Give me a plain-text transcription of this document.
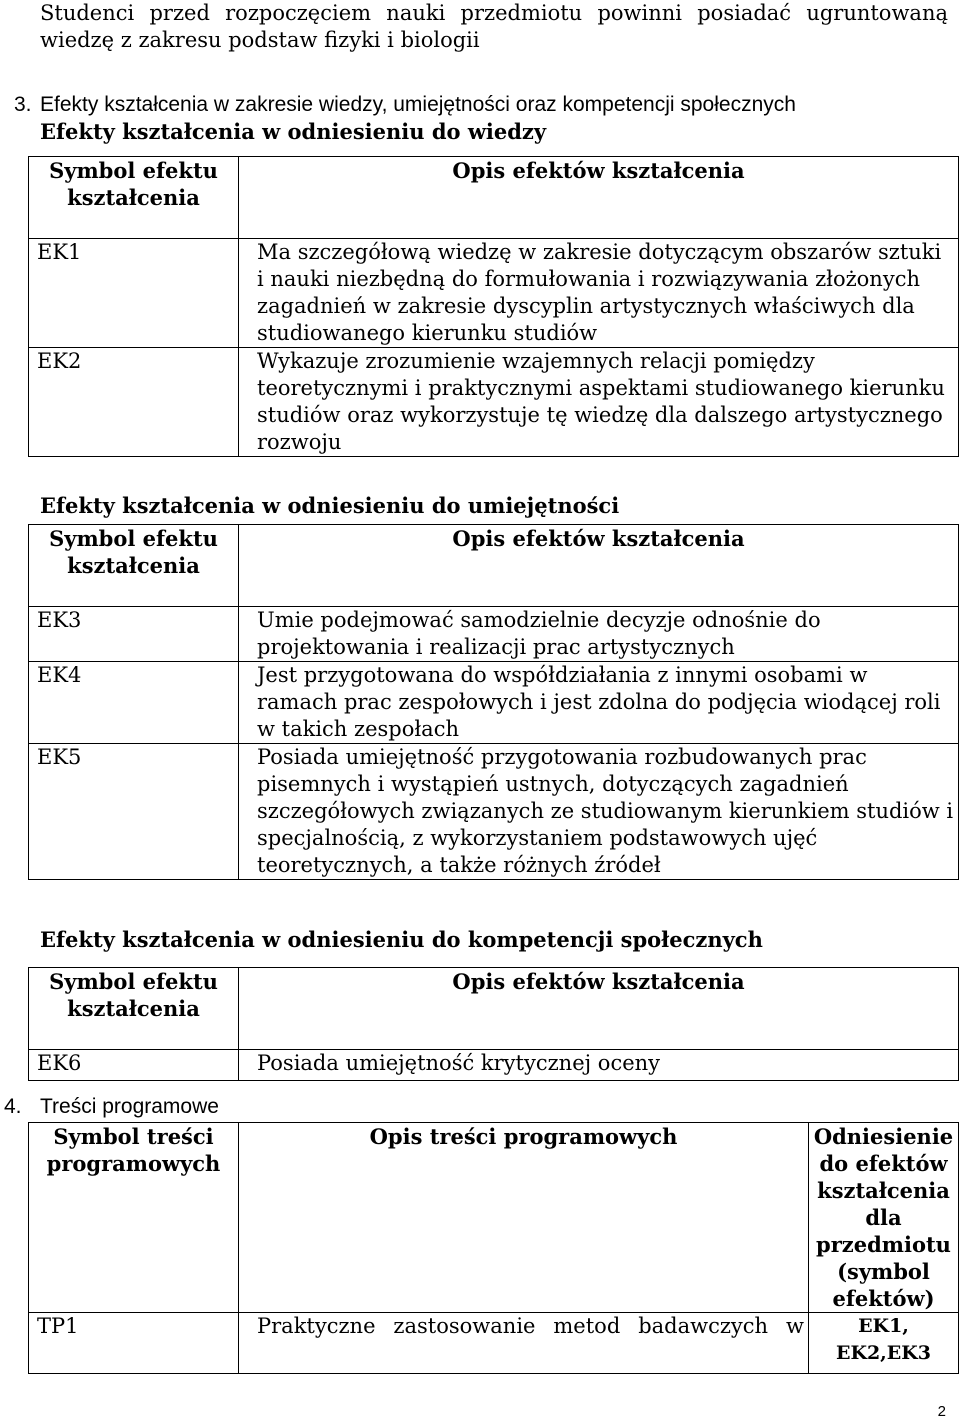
Studenci przed rozpoczęciem nauki przedmiotu powinni posiadać ugruntowaną wiedzę z zakresu podstaw fizyki i biologii
3. Efekty kształcenia w zakresie wiedzy, umiejętności oraz kompetencji społecznych
Efekty kształcenia w odniesieniu do wiedzy
Symbol efektu kształcenia	Opis efektów kształcenia
EK1	Ma szczegółową wiedzę w zakresie dotyczącym obszarów sztuki i nauki niezbędną do formułowania i rozwiązywania złożonych zagadnień w zakresie dyscyplin artystycznych właściwych dla studiowanego kierunku studiów
EK2	Wykazuje zrozumienie wzajemnych relacji pomiędzy teoretycznymi i praktycznymi aspektami studiowanego kierunku studiów oraz wykorzystuje tę wiedzę dla dalszego artystycznego rozwoju
Efekty kształcenia w odniesieniu do umiejętności
Symbol efektu kształcenia	Opis efektów kształcenia
EK3	Umie podejmować samodzielnie decyzje odnośnie do projektowania i realizacji prac artystycznych
EK4	Jest przygotowana do współdziałania z innymi osobami w ramach prac zespołowych i jest zdolna do podjęcia wiodącej roli w takich zespołach
EK5	Posiada umiejętność przygotowania rozbudowanych prac pisemnych i wystąpień ustnych, dotyczących zagadnień szczegółowych związanych ze studiowanym kierunkiem studiów i specjalnością, z wykorzystaniem podstawowych ujęć teoretycznych, a także różnych źródeł
Efekty kształcenia w odniesieniu do kompetencji społecznych
Symbol efektu kształcenia	Opis efektów kształcenia
EK6	Posiada umiejętność krytycznej oceny
4. Treści programowe
Symbol treści programowych	Opis treści programowych	Odniesienie do efektów kształcenia dla przedmiotu (symbol efektów)
TP1	Praktyczne zastosowanie metod badawczych w	EK1, EK2,EK3
2
